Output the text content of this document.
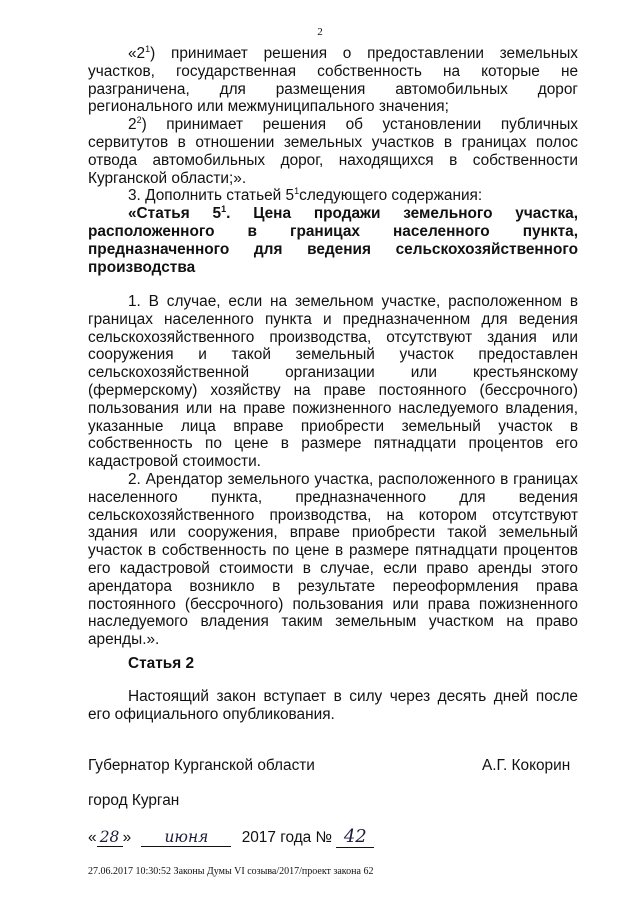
2

«$2^1$) принимает решения о предоставлении земельных участков, государственная собственность на которые не разграничена, для размещения автомобильных дорог регионального или межмуниципального значения;

$2^2$) принимает решения об установлении публичных сервитутов в отношении земельных участков в границах полос отвода автомобильных дорог, находящихся в собственности Курганской области;».

3. Дополнить статьей $5^1следующего$ содержания:

«Статья $5^1$. Цена продажи земельного участка,

расположенного в границах населенного пункта,

предназначенного для ведения сельскохозяйственного

производства

1. В случае, если на земельном участке, расположенном в границах населенного пункта и предназначенном для ведения сельскохозяйственного производства, отсутствуют здания или сооружения и такой земельный участок предоставлен сельскохозяйственной организации или крестьянскому (фермерскому) хозяйству на праве постоянного (бессрочного) пользования или на праве пожизненного наследуемого владения, указанные лица вправе приобрести земельный участок в собственность по цене в размере пятнадцати процентов его кадастровой стоимости.

2. Арендатор земельного участка, расположенного в границах населенного пункта, предназначенного для ведения сельскохозяйственного производства, на котором отсутствуют здания или сооружения, вправе приобрести такой земельный участок в собственность по цене в размере пятнадцати процентов его кадастровой стоимости в случае, если право аренды этого арендатора возникло в результате переоформления права постоянного (бессрочного) пользования или права пожизненного наследуемого владения таким земельным участком на право аренды.».

Статья 2

Настоящий закон вступает в силу через десять дней после его официального опубликования.

Губернатор Курганской области	А.Г. Кокорин
город Курган
« 28 » июня 2017 года № 42
27.06.2017 10:30:52 Законы Думы VI созыва/2017/проект закона 62
